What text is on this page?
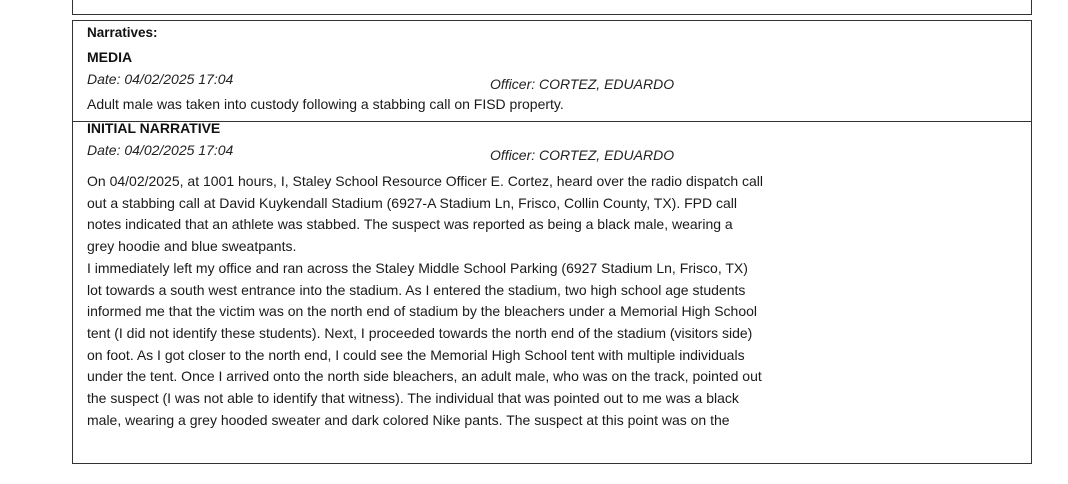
Narratives:
MEDIA
Date: 04/02/2025 17:04	Officer: CORTEZ, EDUARDO
Adult male was taken into custody following a stabbing call on FISD property.
INITIAL NARRATIVE
Date: 04/02/2025 17:04	Officer: CORTEZ, EDUARDO
On 04/02/2025, at 1001 hours, I, Staley School Resource Officer E. Cortez, heard over the radio dispatch call
out a stabbing call at David Kuykendall Stadium (6927-A Stadium Ln, Frisco, Collin County, TX). FPD call
notes indicated that an athlete was stabbed. The suspect was reported as being a black male, wearing a
grey hoodie and blue sweatpants.
I immediately left my office and ran across the Staley Middle School Parking (6927 Stadium Ln, Frisco, TX)
lot towards a south west entrance into the stadium. As I entered the stadium, two high school age students
informed me that the victim was on the north end of stadium by the bleachers under a Memorial High School
tent (I did not identify these students). Next, I proceeded towards the north end of the stadium (visitors side)
on foot. As I got closer to the north end, I could see the Memorial High School tent with multiple individuals
under the tent. Once I arrived onto the north side bleachers, an adult male, who was on the track, pointed out
the suspect (I was not able to identify that witness). The individual that was pointed out to me was a black
male, wearing a grey hooded sweater and dark colored Nike pants. The suspect at this point was on the
